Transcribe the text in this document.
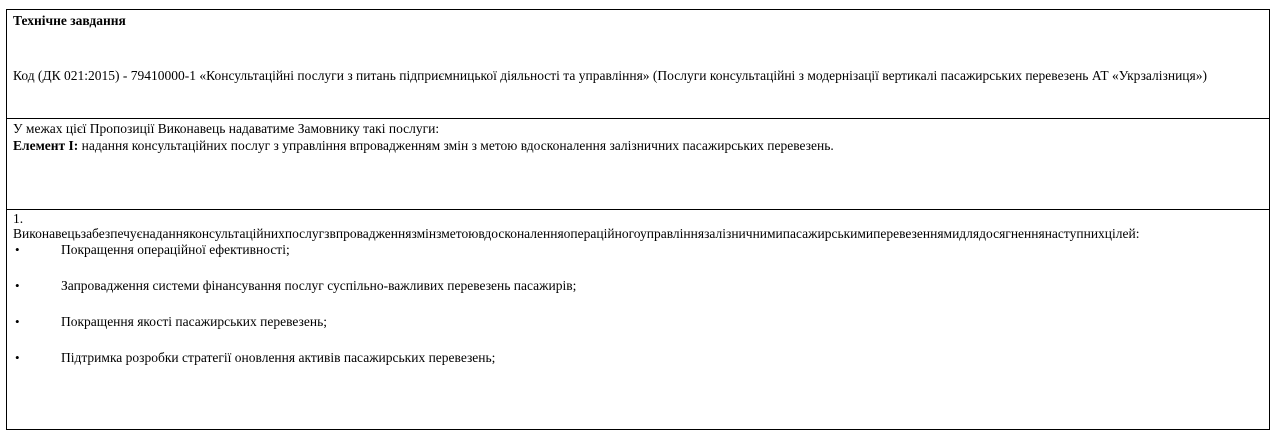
Технічне завдання
Код (ДК 021:2015) - 79410000-1 «Консультаційні послуги з питань підприємницької діяльності та управління» (Послуги консультаційні з модернізації вертикалі пасажирських перевезень АТ «Укрзалізниця»)
У межах цієї Пропозиції Виконавець надаватиме Замовнику такі послуги:
Елемент І: надання консультаційних послуг з управління впровадженням змін з метою вдосконалення залізничних пасажирських перевезень.
1.
Виконавецьзабезпечуєнаданняконсультаційнихпослугзвпровадженнязмінзметоювдосконаленняопераційногоуправліннязалізничнимипасажирськимиперевезеннямидлядосягненнянаступнихцілей:
•	Покращення операційної ефективності;
•	Запровадження системи фінансування послуг суспільно-важливих перевезень пасажирів;
•	Покращення якості пасажирських перевезень;
•	Підтримка розробки стратегії оновлення активів пасажирських перевезень;
